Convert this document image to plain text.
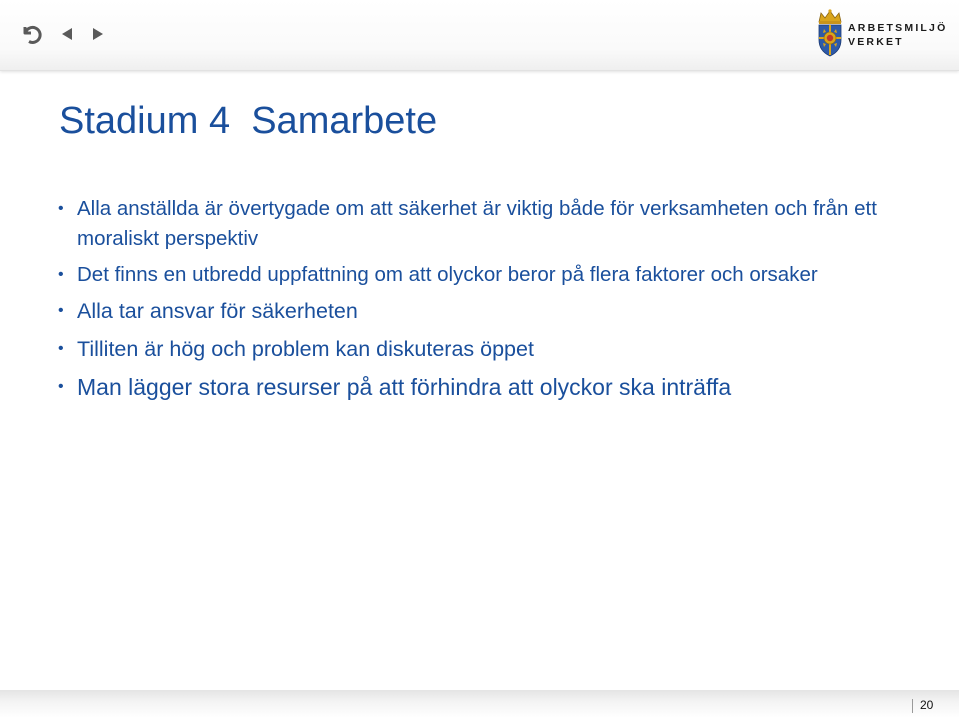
ARBETSMILJÖ
VERKET
Stadium 4  Samarbete
• Alla anställda är övertygade om att säkerhet är viktig både för verksamheten och från ett moraliskt perspektiv
• Det finns en utbredd uppfattning om att olyckor beror på flera faktorer och orsaker
• Alla tar ansvar för säkerheten
• Tilliten är hög och problem kan diskuteras öppet
• Man lägger stora resurser på att förhindra att olyckor ska inträffa
20
